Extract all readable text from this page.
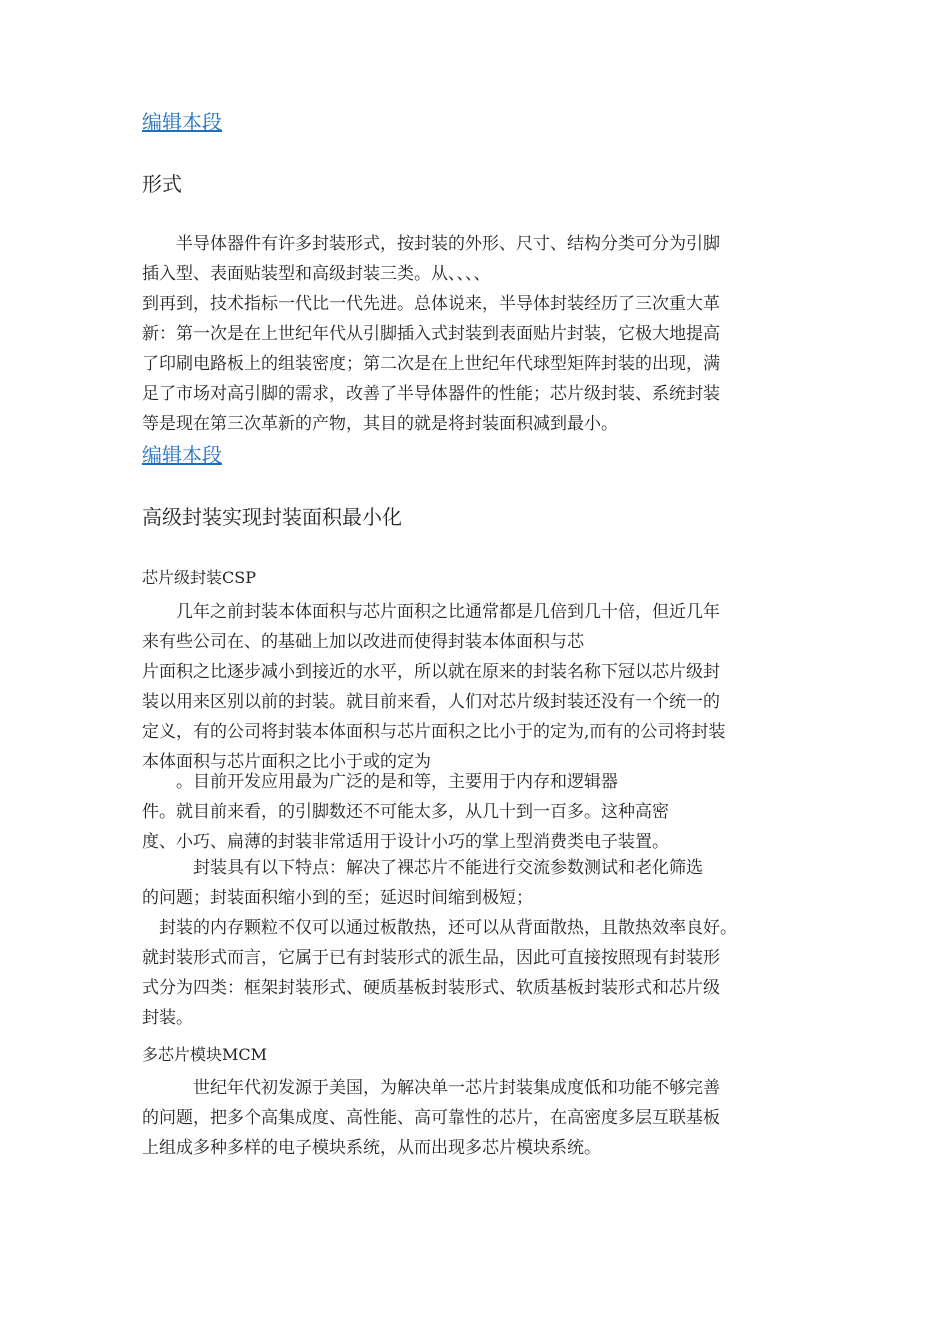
编辑本段
形式
　　半导体器件有许多封装形式，按封装的外形、尺寸、结构分类可分为引脚
插入型、表面贴装型和高级封装三类。从、、、、
到再到，技术指标一代比一代先进。总体说来，半导体封装经历了三次重大革
新：第一次是在上世纪年代从引脚插入式封装到表面贴片封装，它极大地提高
了印刷电路板上的组装密度；第二次是在上世纪年代球型矩阵封装的出现，满
足了市场对高引脚的需求，改善了半导体器件的性能；芯片级封装、系统封装
等是现在第三次革新的产物，其目的就是将封装面积减到最小。
编辑本段
高级封装实现封装面积最小化
芯片级封装CSP
　　几年之前封装本体面积与芯片面积之比通常都是几倍到几十倍，但近几年
来有些公司在、的基础上加以改进而使得封装本体面积与芯
片面积之比逐步减小到接近的水平，所以就在原来的封装名称下冠以芯片级封
装以用来区别以前的封装。就目前来看，人们对芯片级封装还没有一个统一的
定义，有的公司将封装本体面积与芯片面积之比小于的定为,而有的公司将封装
本体面积与芯片面积之比小于或的定为
　　。目前开发应用最为广泛的是和等，主要用于内存和逻辑器
件。就目前来看，的引脚数还不可能太多，从几十到一百多。这种高密
度、小巧、扁薄的封装非常适用于设计小巧的掌上型消费类电子装置。
　　　封装具有以下特点：解决了裸芯片不能进行交流参数测试和老化筛选
的问题；封装面积缩小到的至；延迟时间缩到极短；
　封装的内存颗粒不仅可以通过板散热，还可以从背面散热，且散热效率良好。
就封装形式而言，它属于已有封装形式的派生品，因此可直接按照现有封装形
式分为四类：框架封装形式、硬质基板封装形式、软质基板封装形式和芯片级
封装。
多芯片模块MCM
　　　世纪年代初发源于美国，为解决单一芯片封装集成度低和功能不够完善
的问题，把多个高集成度、高性能、高可靠性的芯片，在高密度多层互联基板
上组成多种多样的电子模块系统，从而出现多芯片模块系统。
